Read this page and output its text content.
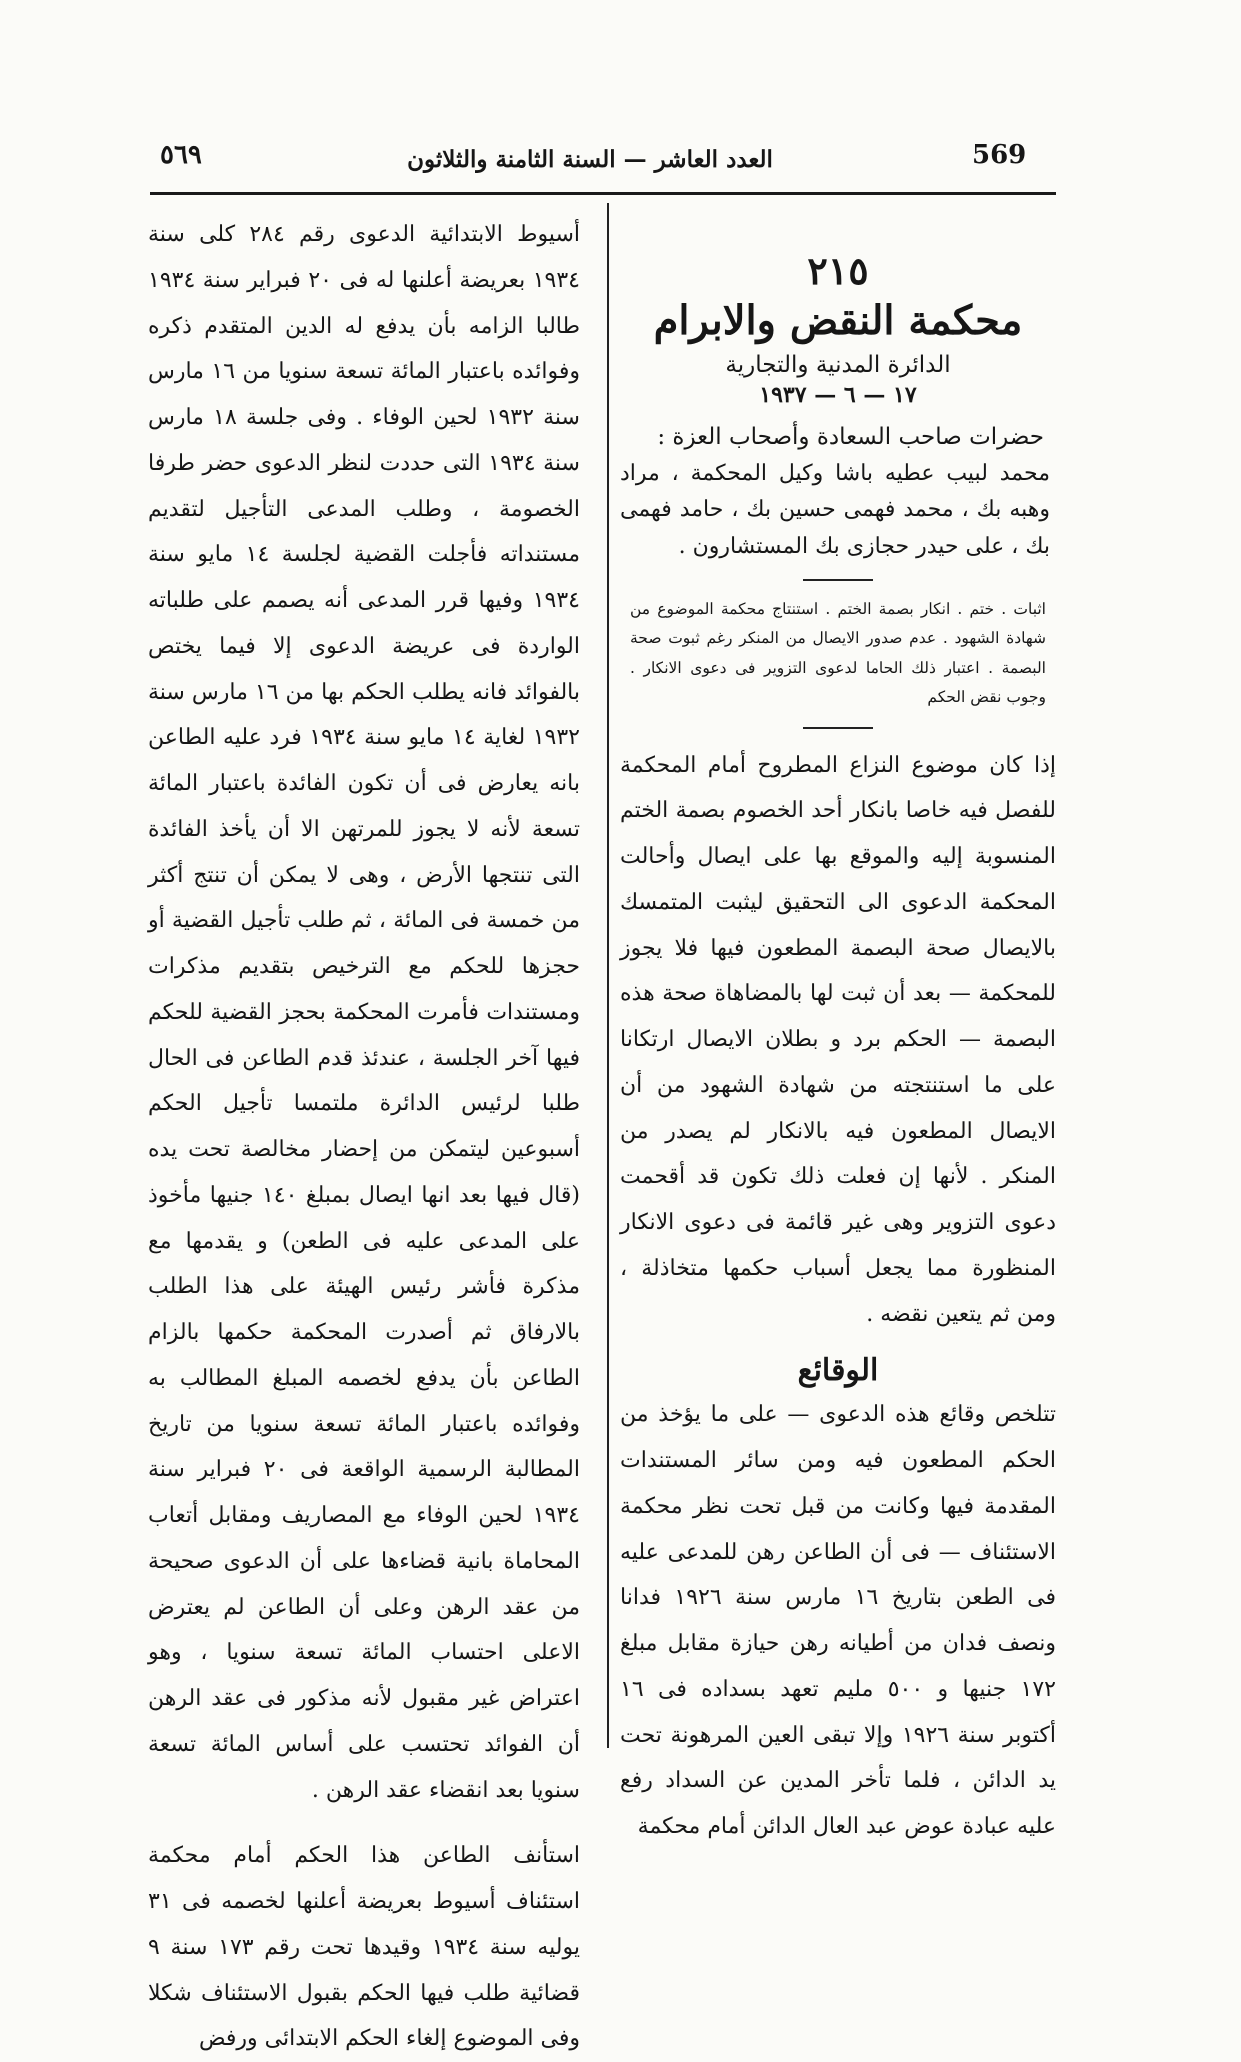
569
العدد العاشر — السنة الثامنة والثلاثون
٥٦٩
٢١٥
محكمة النقض والابرام
الدائرة المدنية والتجارية
١٧ — ٦ — ١٩٣٧
حضرات صاحب السعادة وأصحاب العزة :
محمد لبيب عطيه باشا وكيل المحكمة ، مراد وهبه بك ، محمد فهمى حسين بك ، حامد فهمى بك ، على حيدر حجازى بك المستشارون .
اثبات . ختم . انكار بصمة الختم . استنتاج محكمة الموضوع من شهادة الشهود . عدم صدور الايصال من المنكر رغم ثبوت صحة البصمة . اعتبار ذلك الحاما لدعوى التزوير فى دعوى الانكار . وجوب نقض الحكم

إذا كان موضوع النزاع المطروح أمام المحكمة للفصل فيه خاصا بانكار أحد الخصوم بصمة الختم المنسوبة إليه والموقع بها على ايصال وأحالت المحكمة الدعوى الى التحقيق ليثبت المتمسك بالايصال صحة البصمة المطعون فيها فلا يجوز للمحكمة — بعد أن ثبت لها بالمضاهاة صحة هذه البصمة — الحكم برد و بطلان الايصال ارتكانا على ما استنتجته من شهادة الشهود من أن الايصال المطعون فيه بالانكار لم يصدر من المنكر . لأنها إن فعلت ذلك تكون قد أقحمت دعوى التزوير وهى غير قائمة فى دعوى الانكار المنظورة مما يجعل أسباب حكمها متخاذلة ، ومن ثم يتعين نقضه .

الوقائع

تتلخص وقائع هذه الدعوى — على ما يؤخذ من الحكم المطعون فيه ومن سائر المستندات المقدمة فيها وكانت من قبل تحت نظر محكمة الاستئناف — فى أن الطاعن رهن للمدعى عليه فى الطعن بتاريخ ١٦ مارس سنة ١٩٢٦ فدانا ونصف فدان من أطيانه رهن حيازة مقابل مبلغ ١٧٢ جنيها و ٥٠٠ مليم تعهد بسداده فى ١٦ أكتوبر سنة ١٩٢٦ وإلا تبقى العين المرهونة تحت يد الدائن ، فلما تأخر المدين عن السداد رفع عليه عبادة عوض عبد العال الدائن أمام محكمة

أسيوط الابتدائية الدعوى رقم ٢٨٤ كلى سنة ١٩٣٤ بعريضة أعلنها له فى ٢٠ فبراير سنة ١٩٣٤ طالبا الزامه بأن يدفع له الدين المتقدم ذكره وفوائده باعتبار المائة تسعة سنويا من ١٦ مارس سنة ١٩٣٢ لحين الوفاء . وفى جلسة ١٨ مارس سنة ١٩٣٤ التى حددت لنظر الدعوى حضر طرفا الخصومة ، وطلب المدعى التأجيل لتقديم مستنداته فأجلت القضية لجلسة ١٤ مايو سنة ١٩٣٤ وفيها قرر المدعى أنه يصمم على طلباته الواردة فى عريضة الدعوى إلا فيما يختص بالفوائد فانه يطلب الحكم بها من ١٦ مارس سنة ١٩٣٢ لغاية ١٤ مايو سنة ١٩٣٤ فرد عليه الطاعن بانه يعارض فى أن تكون الفائدة باعتبار المائة تسعة لأنه لا يجوز للمرتهن الا أن يأخذ الفائدة التى تنتجها الأرض ، وهى لا يمكن أن تنتج أكثر من خمسة فى المائة ، ثم طلب تأجيل القضية أو حجزها للحكم مع الترخيص بتقديم مذكرات ومستندات فأمرت المحكمة بحجز القضية للحكم فيها آخر الجلسة ، عندئذ قدم الطاعن فى الحال طلبا لرئيس الدائرة ملتمسا تأجيل الحكم أسبوعين ليتمكن من إحضار مخالصة تحت يده (قال فيها بعد انها ايصال بمبلغ ١٤٠ جنيها مأخوذ على المدعى عليه فى الطعن) و يقدمها مع مذكرة فأشر رئيس الهيئة على هذا الطلب بالارفاق ثم أصدرت المحكمة حكمها بالزام الطاعن بأن يدفع لخصمه المبلغ المطالب به وفوائده باعتبار المائة تسعة سنويا من تاريخ المطالبة الرسمية الواقعة فى ٢٠ فبراير سنة ١٩٣٤ لحين الوفاء مع المصاريف ومقابل أتعاب المحاماة بانية قضاءها على أن الدعوى صحيحة من عقد الرهن وعلى أن الطاعن لم يعترض الاعلى احتساب المائة تسعة سنويا ، وهو اعتراض غير مقبول لأنه مذكور فى عقد الرهن أن الفوائد تحتسب على أساس المائة تسعة سنويا بعد انقضاء عقد الرهن .

استأنف الطاعن هذا الحكم أمام محكمة استئناف أسيوط بعريضة أعلنها لخصمه فى ٣١ يوليه سنة ١٩٣٤ وقيدها تحت رقم ١٧٣ سنة ٩ قضائية طلب فيها الحكم بقبول الاستئناف شكلا وفى الموضوع إلغاء الحكم الابتدائى ورفض
